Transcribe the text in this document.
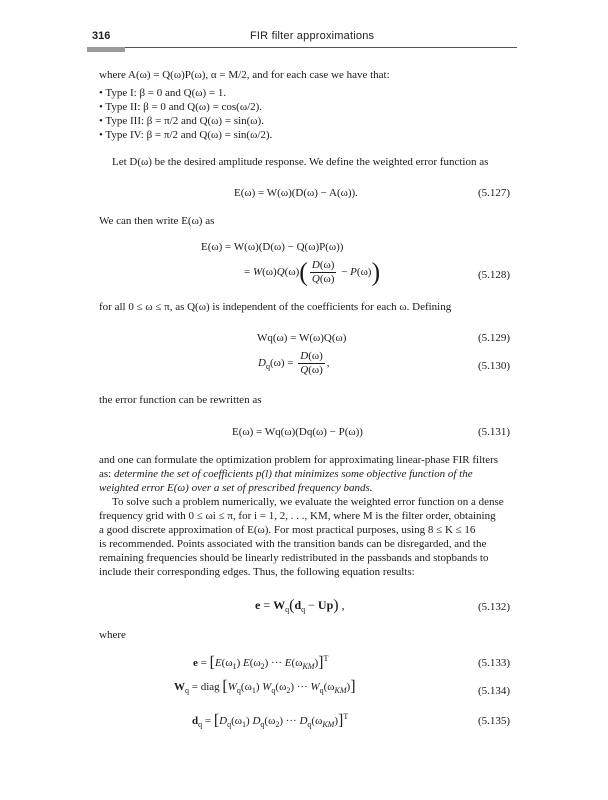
316	FIR filter approximations
where A(ω) = Q(ω)P(ω), α = M/2, and for each case we have that:
• Type I: β = 0 and Q(ω) = 1.
• Type II: β = 0 and Q(ω) = cos(ω/2).
• Type III: β = π/2 and Q(ω) = sin(ω).
• Type IV: β = π/2 and Q(ω) = sin(ω/2).
Let D(ω) be the desired amplitude response. We define the weighted error function as
E(ω) = W(ω)(D(ω) − A(ω)).	(5.127)
We can then write E(ω) as
E(ω) = W(ω)(D(ω) − Q(ω)P(ω))
= $W(\omega)Q(\omega)( \frac{D(\omega)}{Q(\omega)} - P(\omega))$	(5.128)
for all 0 ≤ ω ≤ π, as Q(ω) is independent of the coefficients for each ω. Defining
Wq(ω) = W(ω)Q(ω)	(5.129)
$D_q(\omega) = \frac{D(\omega)}{Q(\omega)}$ ,	(5.130)
the error function can be rewritten as
E(ω) = Wq(ω)(Dq(ω) − P(ω))	(5.131)
and one can formulate the optimization problem for approximating linear-phase FIR filters
as: determine the set of coefficients p(l) that minimizes some objective function of the
weighted error E(ω) over a set of prescribed frequency bands.
To solve such a problem numerically, we evaluate the weighted error function on a dense
frequency grid with 0 ≤ ωi ≤ π, for i = 1, 2, . . ., KM, where M is the filter order, obtaining
a good discrete approximation of E(ω). For most practical purposes, using 8 ≤ K ≤ 16
is recommended. Points associated with the transition bands can be disregarded, and the
remaining frequencies should be linearly redistributed in the passbands and stopbands to
include their corresponding edges. Thus, the following equation results:
$e = W_q(d_q - Up)$ ,	(5.132)
where
$e = [E(\omega_1)$ $E(\omega_2)$ ··· $E(\omega_{KM})]^T$	(5.133)
$W_q$ = diag [$W_q(\omega_1)$ $W_q(\omega_2)$ ··· $W_q(\omega_{KM})$]	(5.134)
$d_q = [D_q(\omega_1)$ $D_q(\omega_2)$ ··· $D_q(\omega_{KM})]^T$	(5.135)
